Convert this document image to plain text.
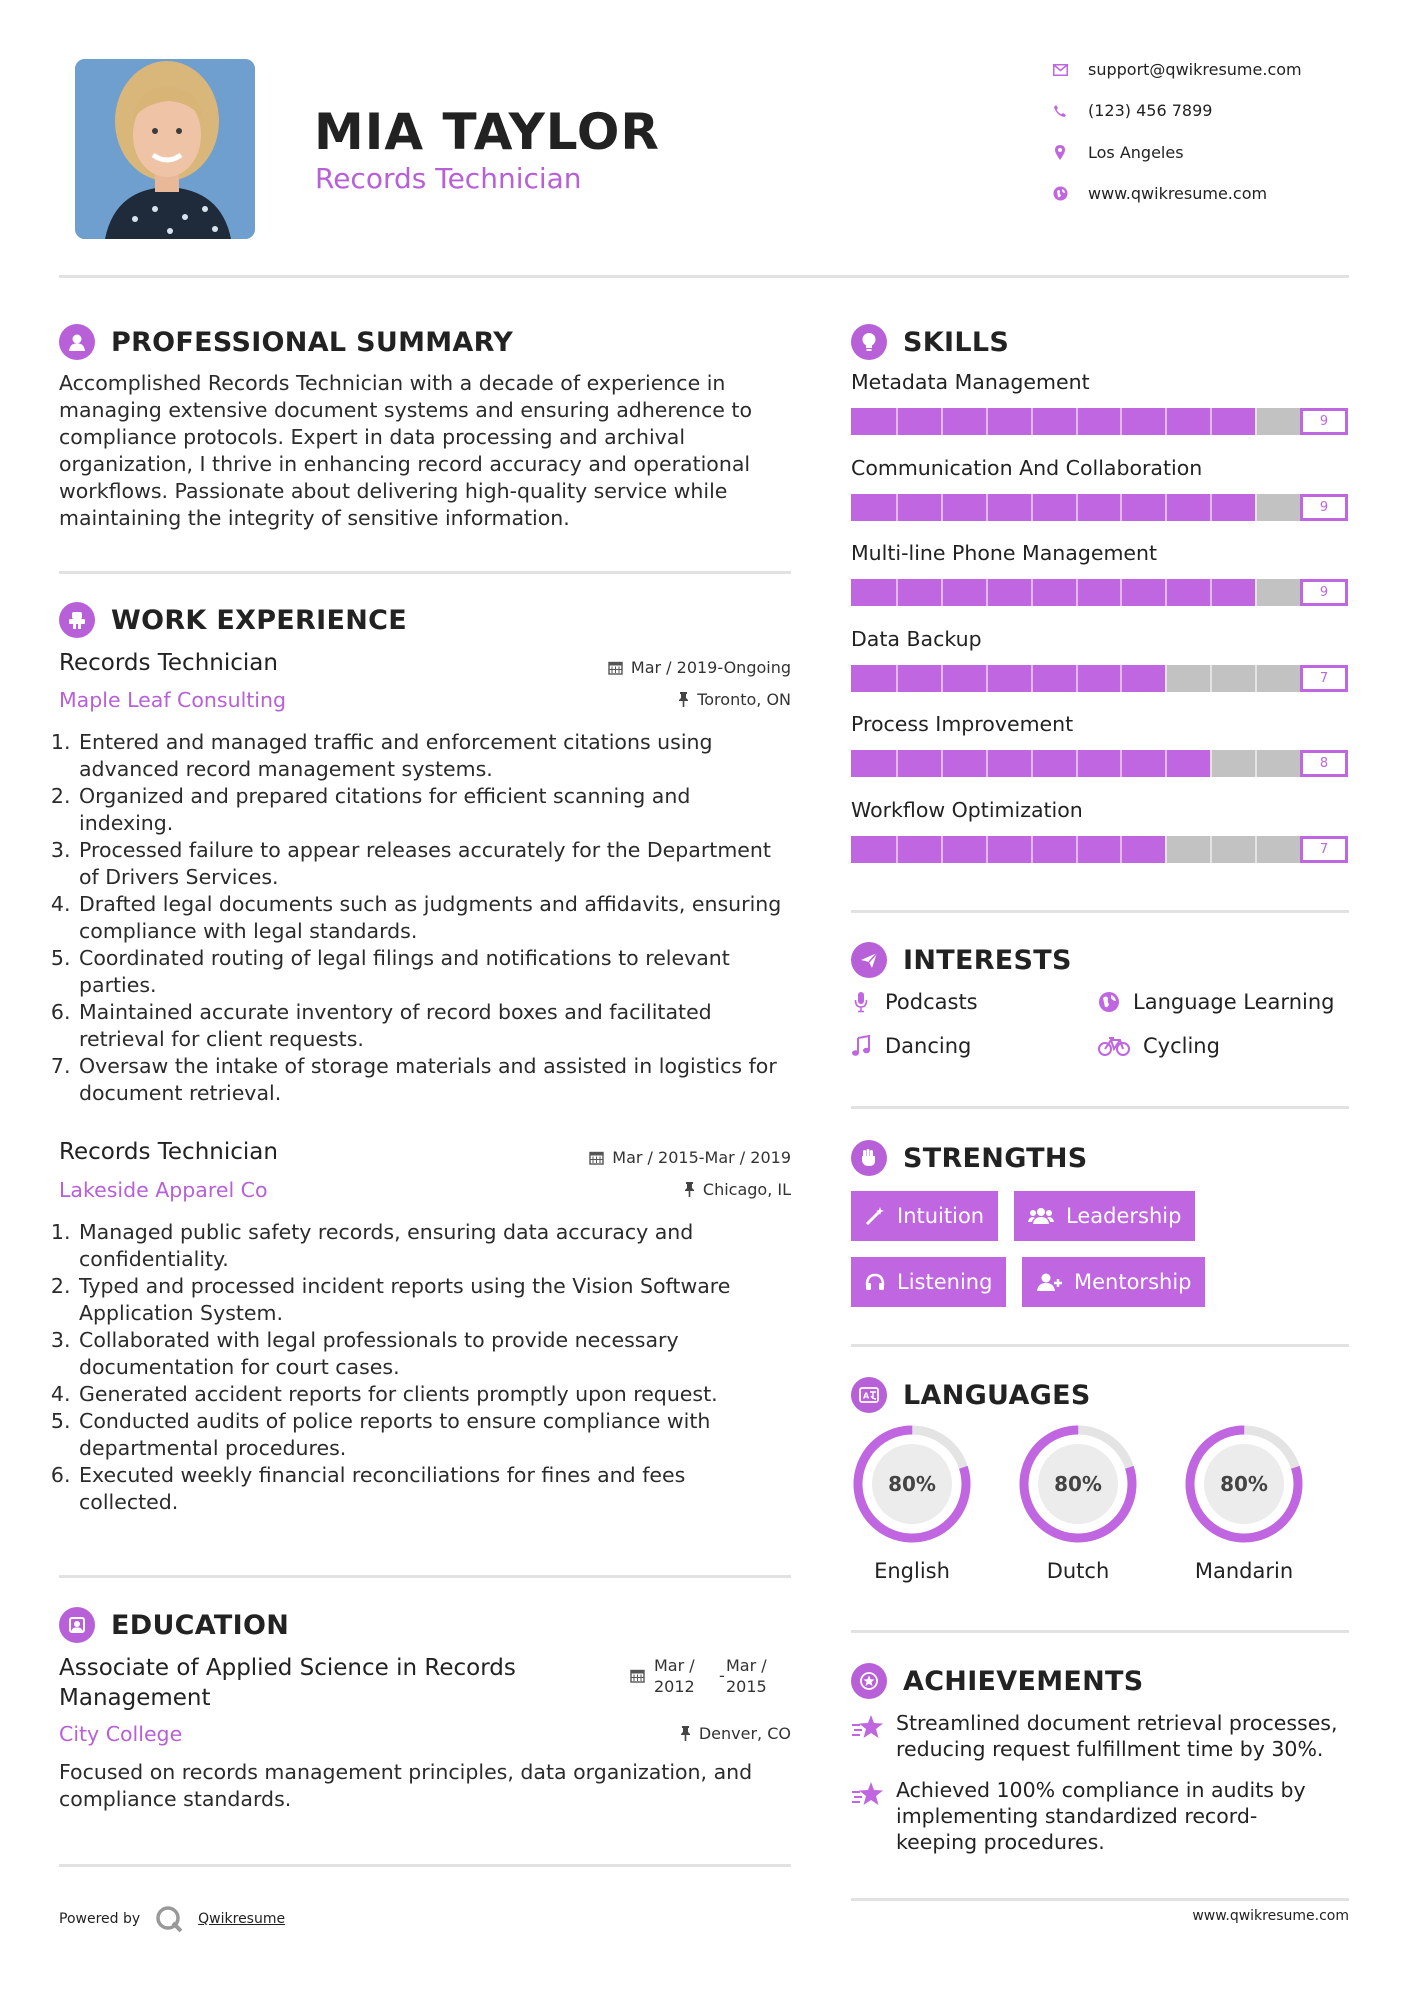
MIA TAYLOR
Records Technician
support@qwikresume.com
(123) 456 7899
Los Angeles
www.qwikresume.com
PROFESSIONAL SUMMARY
Accomplished Records Technician with a decade of experience in managing extensive document systems and ensuring adherence to compliance protocols. Expert in data processing and archival organization, I thrive in enhancing record accuracy and operational workflows. Passionate about delivering high-quality service while maintaining the integrity of sensitive information.
WORK EXPERIENCE
Records Technician	Mar / 2019-Ongoing
Maple Leaf Consulting	Toronto, ON
1. Entered and managed traffic and enforcement citations using advanced record management systems.
2. Organized and prepared citations for efficient scanning and indexing.
3. Processed failure to appear releases accurately for the Department of Drivers Services.
4. Drafted legal documents such as judgments and affidavits, ensuring compliance with legal standards.
5. Coordinated routing of legal filings and notifications to relevant parties.
6. Maintained accurate inventory of record boxes and facilitated retrieval for client requests.
7. Oversaw the intake of storage materials and assisted in logistics for document retrieval.
Records Technician	Mar / 2015-Mar / 2019
Lakeside Apparel Co	Chicago, IL
1. Managed public safety records, ensuring data accuracy and confidentiality.
2. Typed and processed incident reports using the Vision Software Application System.
3. Collaborated with legal professionals to provide necessary documentation for court cases.
4. Generated accident reports for clients promptly upon request.
5. Conducted audits of police reports to ensure compliance with departmental procedures.
6. Executed weekly financial reconciliations for fines and fees collected.
EDUCATION
Associate of Applied Science in Records
Management
Mar /
2012
-
Mar /
2015
City College	Denver, CO
Focused on records management principles, data organization, and compliance standards.
Powered by	Qwikresume
SKILLS
Metadata Management
9
Communication And Collaboration
9
Multi-line Phone Management
9
Data Backup
7
Process Improvement
8
Workflow Optimization
7
INTERESTS
Podcasts	Language Learning
Dancing	Cycling
STRENGTHS
Intuition	Leadership
Listening	Mentorship
A LANGUAGES
80%
English
80%
Dutch
80%
Mandarin
ACHIEVEMENTS
Streamlined document retrieval processes, reducing request fulfillment time by 30%.
Achieved 100% compliance in audits by implementing standardized record-keeping procedures.
www.qwikresume.com
